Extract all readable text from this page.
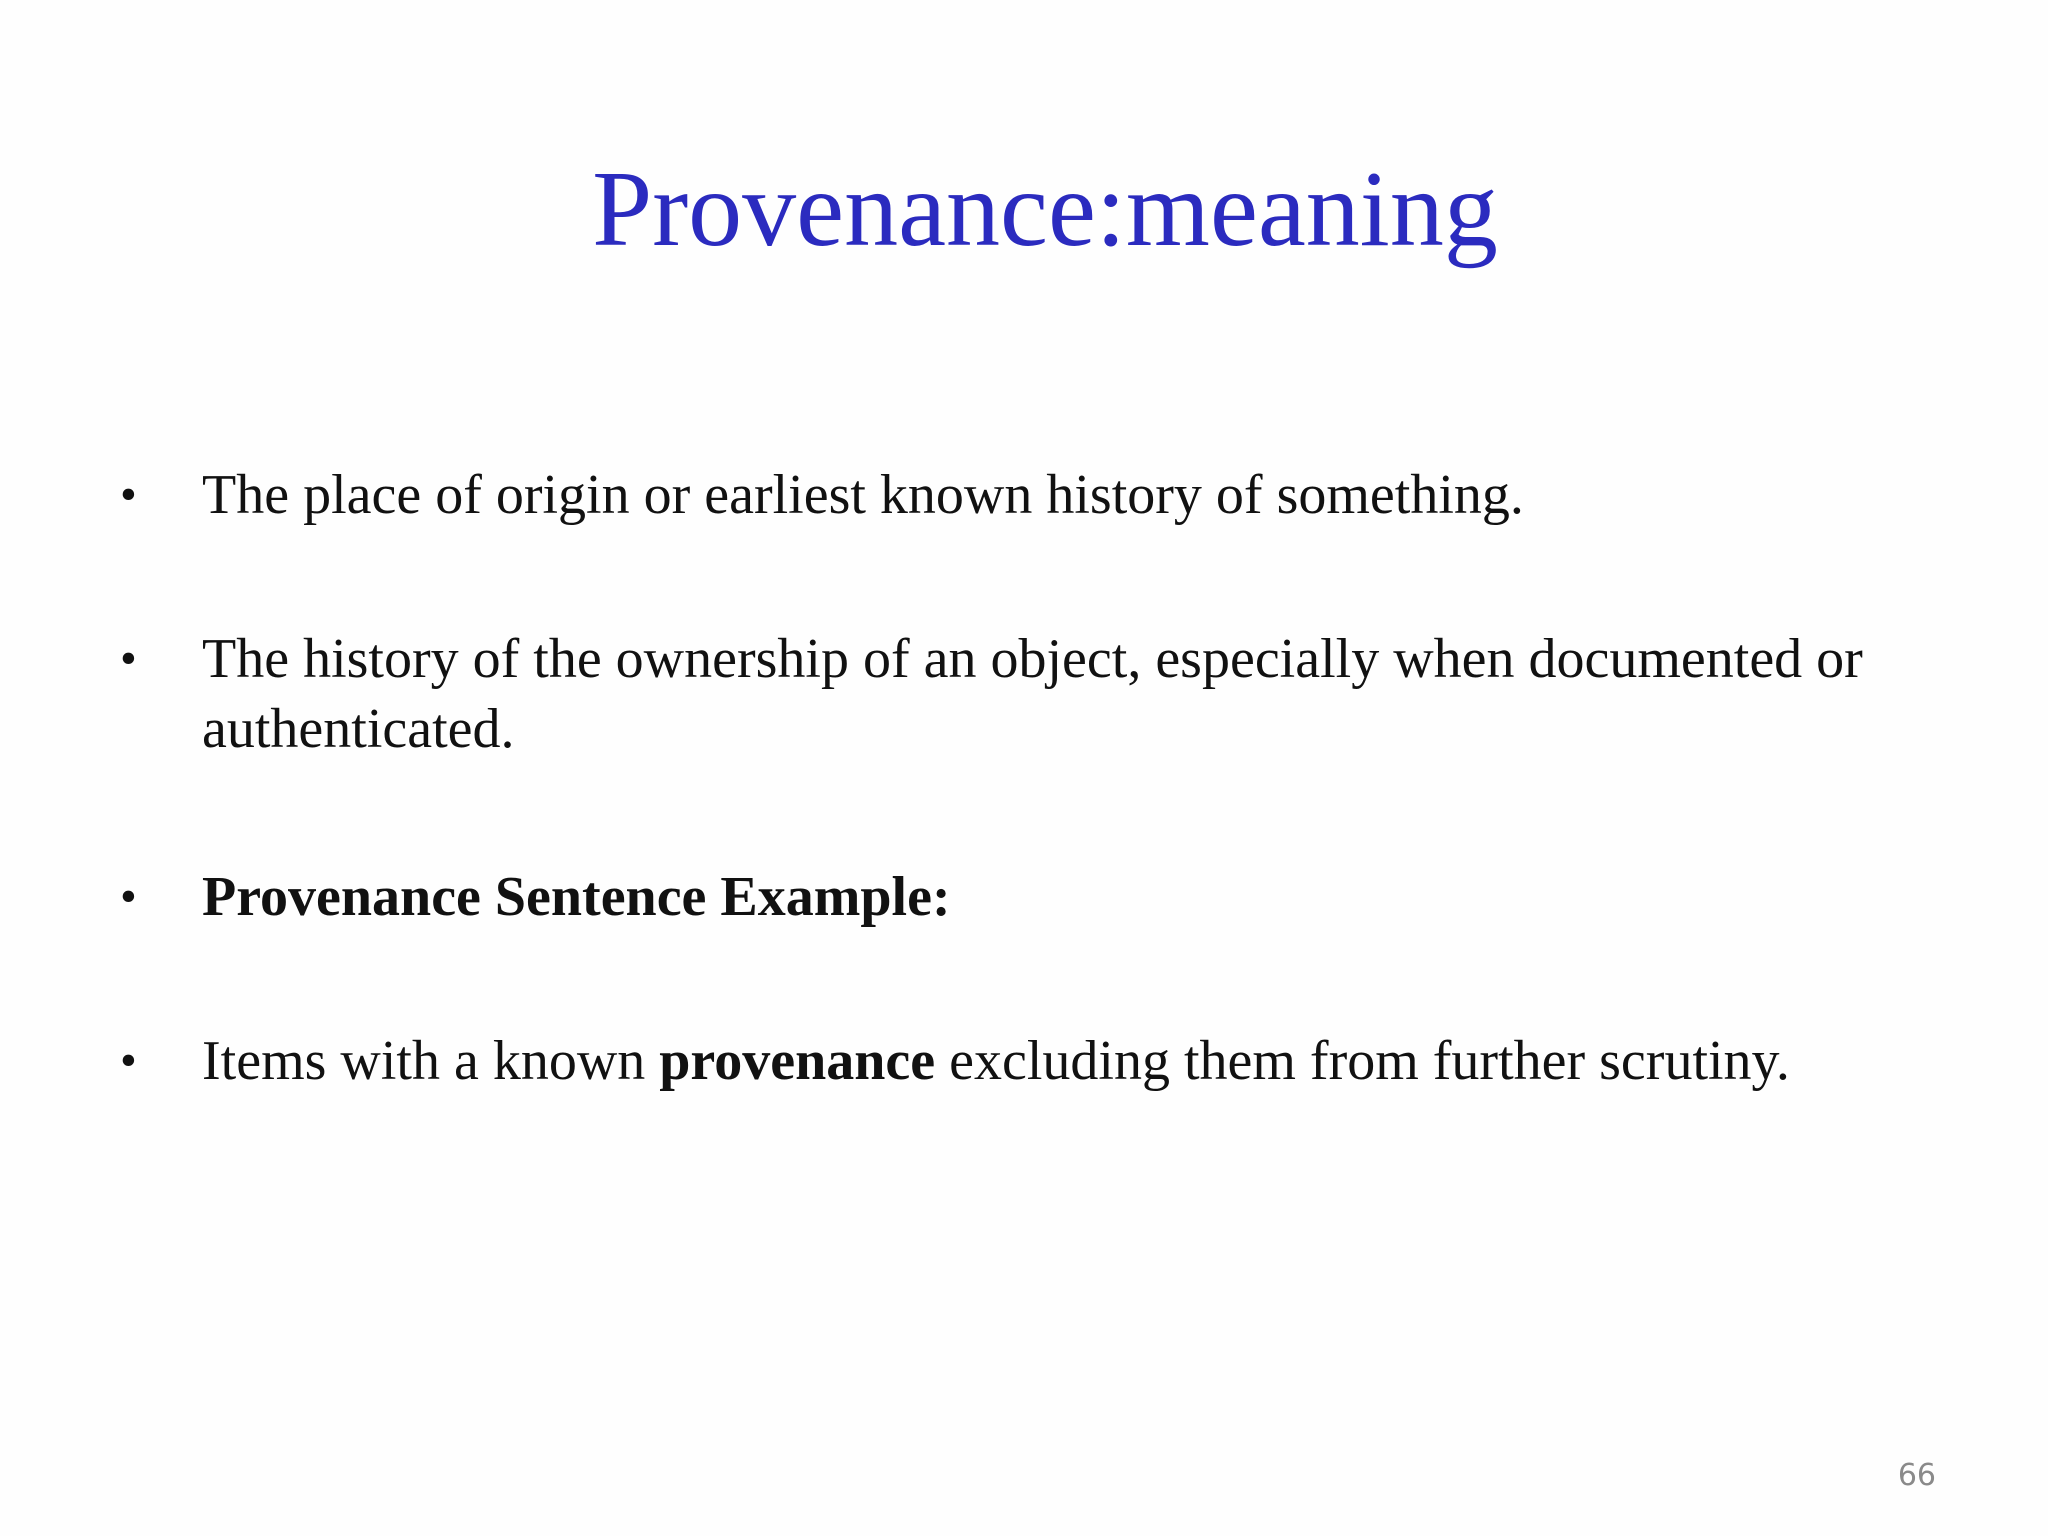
Provenance:meaning
•	The place of origin or earliest known history of something.
•	The history of the ownership of an object, especially when documented or authenticated.
•	Provenance Sentence Example:
•	Items with a known provenance excluding them from further scrutiny.
66
